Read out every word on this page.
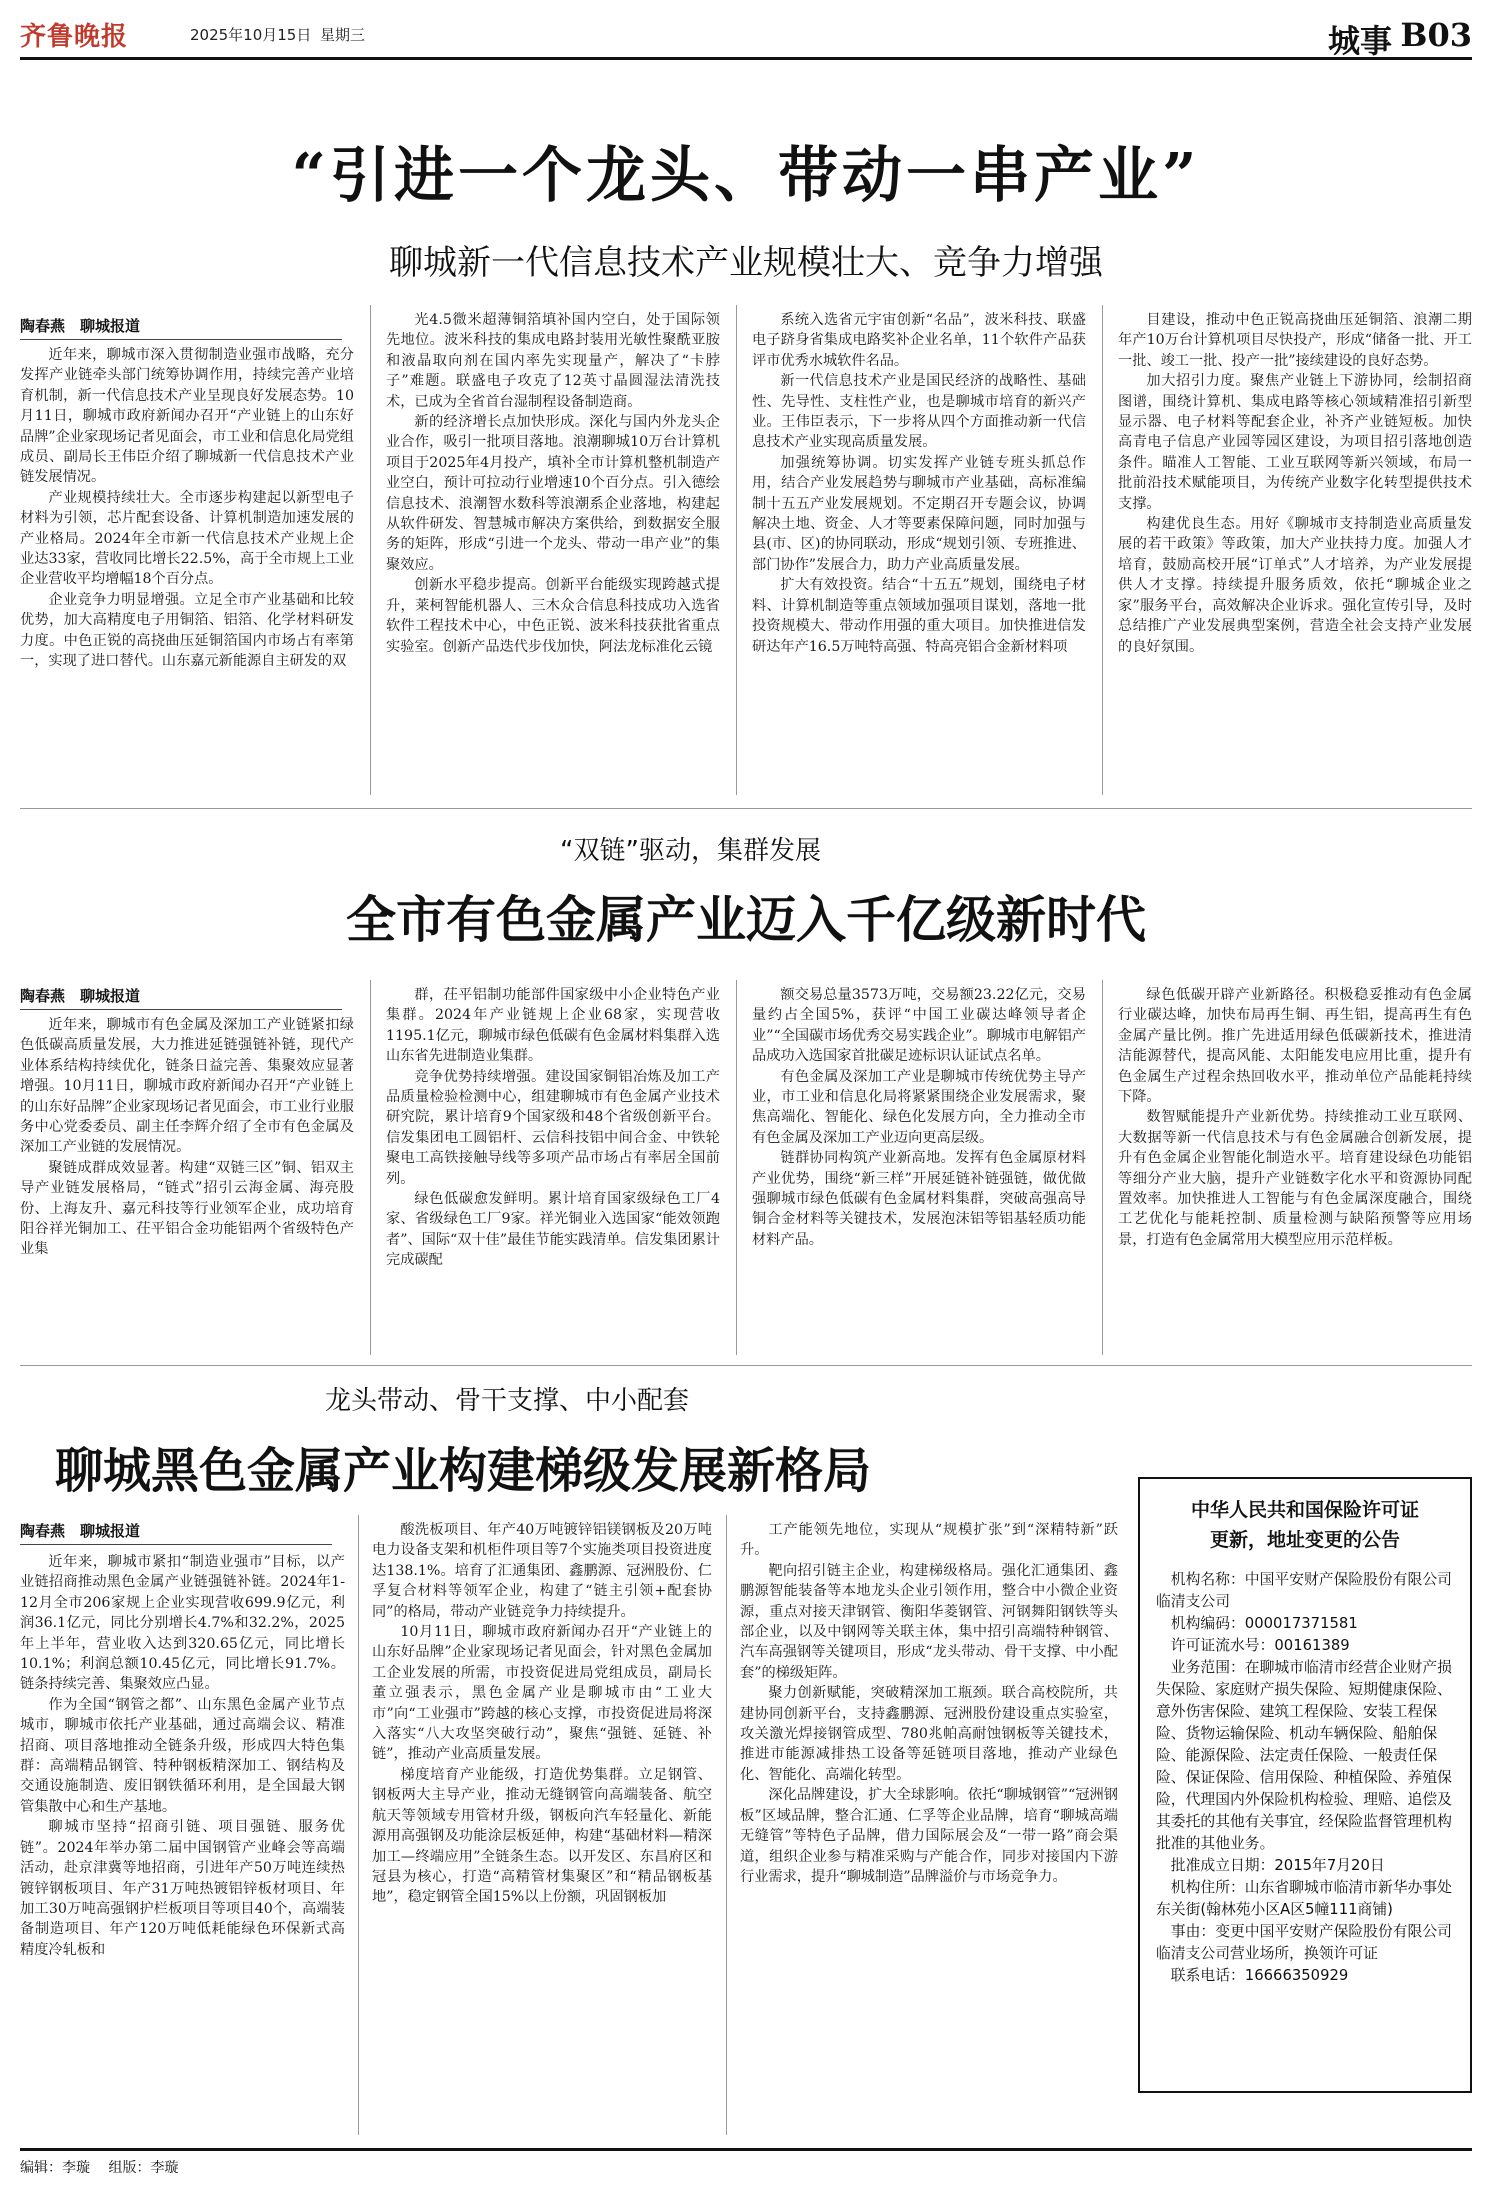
齐鲁晚报	2025年10月15日 星期三	城事 B03
“引进一个龙头、带动一串产业”
聊城新一代信息技术产业规模壮大、竞争力增强
陶春燕　聊城报道

近年来，聊城市深入贯彻制造业强市战略，充分发挥产业链牵头部门统筹协调作用，持续完善产业培育机制，新一代信息技术产业呈现良好发展态势。10月11日，聊城市政府新闻办召开“产业链上的山东好品牌”企业家现场记者见面会，市工业和信息化局党组成员、副局长王伟臣介绍了聊城新一代信息技术产业链发展情况。

产业规模持续壮大。全市逐步构建起以新型电子材料为引领，芯片配套设备、计算机制造加速发展的产业格局。2024年全市新一代信息技术产业规上企业达33家，营收同比增长22.5%，高于全市规上工业企业营收平均增幅18个百分点。

企业竞争力明显增强。立足全市产业基础和比较优势，加大高精度电子用铜箔、铝箔、化学材料研发力度。中色正锐的高挠曲压延铜箔国内市场占有率第一，实现了进口替代。山东嘉元新能源自主研发的双

光4.5微米超薄铜箔填补国内空白，处于国际领先地位。波米科技的集成电路封装用光敏性聚酰亚胺和液晶取向剂在国内率先实现量产，解决了“卡脖子”难题。联盛电子攻克了12英寸晶圆湿法清洗技术，已成为全省首台湿制程设备制造商。

新的经济增长点加快形成。深化与国内外龙头企业合作，吸引一批项目落地。浪潮聊城10万台计算机项目于2025年4月投产，填补全市计算机整机制造产业空白，预计可拉动行业增速10个百分点。引入德绘信息技术、浪潮智水数科等浪潮系企业落地，构建起从软件研发、智慧城市解决方案供给，到数据安全服务的矩阵，形成“引进一个龙头、带动一串产业”的集聚效应。

创新水平稳步提高。创新平台能级实现跨越式提升，莱柯智能机器人、三木众合信息科技成功入选省软件工程技术中心，中色正锐、波米科技获批省重点实验室。创新产品迭代步伐加快，阿法龙标准化云镜

系统入选省元宇宙创新“名品”，波米科技、联盛电子跻身省集成电路奖补企业名单，11个软件产品获评市优秀水城软件名品。

新一代信息技术产业是国民经济的战略性、基础性、先导性、支柱性产业，也是聊城市培育的新兴产业。王伟臣表示，下一步将从四个方面推动新一代信息技术产业实现高质量发展。

加强统筹协调。切实发挥产业链专班头抓总作用，结合产业发展趋势与聊城市产业基础，高标准编制十五五产业发展规划。不定期召开专题会议，协调解决土地、资金、人才等要素保障问题，同时加强与县(市、区)的协同联动，形成“规划引领、专班推进、部门协作”发展合力，助力产业高质量发展。

扩大有效投资。结合“十五五”规划，围绕电子材料、计算机制造等重点领域加强项目谋划，落地一批投资规模大、带动作用强的重大项目。加快推进信发研达年产16.5万吨特高强、特高亮铝合金新材料项

目建设，推动中色正锐高挠曲压延铜箔、浪潮二期年产10万台计算机项目尽快投产，形成“储备一批、开工一批、竣工一批、投产一批”接续建设的良好态势。

加大招引力度。聚焦产业链上下游协同，绘制招商图谱，围绕计算机、集成电路等核心领域精准招引新型显示器、电子材料等配套企业，补齐产业链短板。加快高青电子信息产业园等园区建设，为项目招引落地创造条件。瞄准人工智能、工业互联网等新兴领域，布局一批前沿技术赋能项目，为传统产业数字化转型提供技术支撑。

构建优良生态。用好《聊城市支持制造业高质量发展的若干政策》等政策，加大产业扶持力度。加强人才培育，鼓励高校开展“订单式”人才培养，为产业发展提供人才支撑。持续提升服务质效，依托“聊城企业之家”服务平台，高效解决企业诉求。强化宣传引导，及时总结推广产业发展典型案例，营造全社会支持产业发展的良好氛围。

“双链”驱动，集群发展
全市有色金属产业迈入千亿级新时代
陶春燕　聊城报道

近年来，聊城市有色金属及深加工产业链紧扣绿色低碳高质量发展，大力推进延链强链补链，现代产业体系结构持续优化，链条日益完善、集聚效应显著增强。10月11日，聊城市政府新闻办召开“产业链上的山东好品牌”企业家现场记者见面会，市工业行业服务中心党委委员、副主任李辉介绍了全市有色金属及深加工产业链的发展情况。

聚链成群成效显著。构建“双链三区”铜、铝双主导产业链发展格局，“链式”招引云海金属、海亮股份、上海友升、嘉元科技等行业领军企业，成功培育阳谷祥光铜加工、茌平铝合金功能铝两个省级特色产业集

群，茌平铝制功能部件国家级中小企业特色产业集群。2024年产业链规上企业68家，实现营收1195.1亿元，聊城市绿色低碳有色金属材料集群入选山东省先进制造业集群。

竞争优势持续增强。建设国家铜铝冶炼及加工产品质量检验检测中心，组建聊城市有色金属产业技术研究院，累计培育9个国家级和48个省级创新平台。信发集团电工圆铝杆、云信科技铝中间合金、中铁轮聚电工高铁接触导线等多项产品市场占有率居全国前列。

绿色低碳愈发鲜明。累计培育国家级绿色工厂4家、省级绿色工厂9家。祥光铜业入选国家“能效领跑者”、国际“双十佳”最佳节能实践清单。信发集团累计完成碳配

额交易总量3573万吨，交易额23.22亿元，交易量约占全国5%，获评“中国工业碳达峰领导者企业”“全国碳市场优秀交易实践企业”。聊城市电解铝产品成功入选国家首批碳足迹标识认证试点名单。

有色金属及深加工产业是聊城市传统优势主导产业，市工业和信息化局将紧紧围绕企业发展需求，聚焦高端化、智能化、绿色化发展方向，全力推动全市有色金属及深加工产业迈向更高层级。

链群协同构筑产业新高地。发挥有色金属原材料产业优势，围绕“新三样”开展延链补链强链，做优做强聊城市绿色低碳有色金属材料集群，突破高强高导铜合金材料等关键技术，发展泡沫铝等铝基轻质功能材料产品。

绿色低碳开辟产业新路径。积极稳妥推动有色金属行业碳达峰，加快布局再生铜、再生铝，提高再生有色金属产量比例。推广先进适用绿色低碳新技术，推进清洁能源替代，提高风能、太阳能发电应用比重，提升有色金属生产过程余热回收水平，推动单位产品能耗持续下降。

数智赋能提升产业新优势。持续推动工业互联网、大数据等新一代信息技术与有色金属融合创新发展，提升有色金属企业智能化制造水平。培育建设绿色功能铝等细分产业大脑，提升产业链数字化水平和资源协同配置效率。加快推进人工智能与有色金属深度融合，围绕工艺优化与能耗控制、质量检测与缺陷预警等应用场景，打造有色金属常用大模型应用示范样板。

龙头带动、骨干支撑、中小配套
聊城黑色金属产业构建梯级发展新格局
陶春燕　聊城报道

近年来，聊城市紧扣“制造业强市”目标，以产业链招商推动黑色金属产业链强链补链。2024年1-12月全市206家规上企业实现营收699.9亿元，利润36.1亿元，同比分别增长4.7%和32.2%，2025年上半年，营业收入达到320.65亿元，同比增长10.1%；利润总额10.45亿元，同比增长91.7%。链条持续完善、集聚效应凸显。

作为全国“钢管之都”、山东黑色金属产业节点城市，聊城市依托产业基础，通过高端会议、精准招商、项目落地推动全链条升级，形成四大特色集群：高端精品钢管、特种钢板精深加工、钢结构及交通设施制造、废旧钢铁循环利用，是全国最大钢管集散中心和生产基地。

聊城市坚持“招商引链、项目强链、服务优链”。2024年举办第二届中国钢管产业峰会等高端活动，赴京津冀等地招商，引进年产50万吨连续热镀锌钢板项目、年产31万吨热镀铝锌板材项目、年加工30万吨高强钢护栏板项目等项目40个，高端装备制造项目、年产120万吨低耗能绿色环保新式高精度冷轧板和

酸洗板项目、年产40万吨镀锌铝镁钢板及20万吨电力设备支架和机柜件项目等7个实施类项目投资进度达138.1%。培育了汇通集团、鑫鹏源、冠洲股份、仁孚复合材料等领军企业，构建了“链主引领+配套协同”的格局，带动产业链竞争力持续提升。

10月11日，聊城市政府新闻办召开“产业链上的山东好品牌”企业家现场记者见面会，针对黑色金属加工企业发展的所需，市投资促进局党组成员，副局长董立强表示，黑色金属产业是聊城市由“工业大市”向“工业强市”跨越的核心支撑，市投资促进局将深入落实“八大攻坚突破行动”，聚焦“强链、延链、补链”，推动产业高质量发展。

梯度培育产业能级，打造优势集群。立足钢管、钢板两大主导产业，推动无缝钢管向高端装备、航空航天等领域专用管材升级，钢板向汽车轻量化、新能源用高强钢及功能涂层板延伸，构建“基础材料—精深加工—终端应用”全链条生态。以开发区、东昌府区和冠县为核心，打造“高精管材集聚区”和“精品钢板基地”，稳定钢管全国15%以上份额，巩固钢板加

工产能领先地位，实现从“规模扩张”到“深精特新”跃升。

靶向招引链主企业，构建梯级格局。强化汇通集团、鑫鹏源智能装备等本地龙头企业引领作用，整合中小微企业资源，重点对接天津钢管、衡阳华菱钢管、河钢舞阳钢铁等头部企业，以及中钢网等关联主体，集中招引高端特种钢管、汽车高强钢等关键项目，形成“龙头带动、骨干支撑、中小配套”的梯级矩阵。

聚力创新赋能，突破精深加工瓶颈。联合高校院所，共建协同创新平台，支持鑫鹏源、冠洲股份建设重点实验室，攻关激光焊接钢管成型、780兆帕高耐蚀钢板等关键技术，推进市能源减排热工设备等延链项目落地，推动产业绿色化、智能化、高端化转型。

深化品牌建设，扩大全球影响。依托“聊城钢管”“冠洲钢板”区域品牌，整合汇通、仁孚等企业品牌，培育“聊城高端无缝管”等特色子品牌，借力国际展会及“一带一路”商会渠道，组织企业参与精准采购与产能合作，同步对接国内下游行业需求，提升“聊城制造”品牌溢价与市场竞争力。

中华人民共和国保险许可证
更新，地址变更的公告

机构名称：中国平安财产保险股份有限公司临清支公司

机构编码：000017371581

许可证流水号：00161389

业务范围：在聊城市临清市经营企业财产损失保险、家庭财产损失保险、短期健康保险、意外伤害保险、建筑工程保险、安装工程保险、货物运输保险、机动车辆保险、船舶保险、能源保险、法定责任保险、一般责任保险、保证保险、信用保险、种植保险、养殖保险，代理国内外保险机构检验、理赔、追偿及其委托的其他有关事宜，经保险监督管理机构批准的其他业务。

批准成立日期：2015年7月20日

机构住所：山东省聊城市临清市新华办事处东关街(翰林苑小区A区5幢111商铺)

事由：变更中国平安财产保险股份有限公司临清支公司营业场所，换领许可证

联系电话：16666350929

编辑：李璇 组版：李璇
